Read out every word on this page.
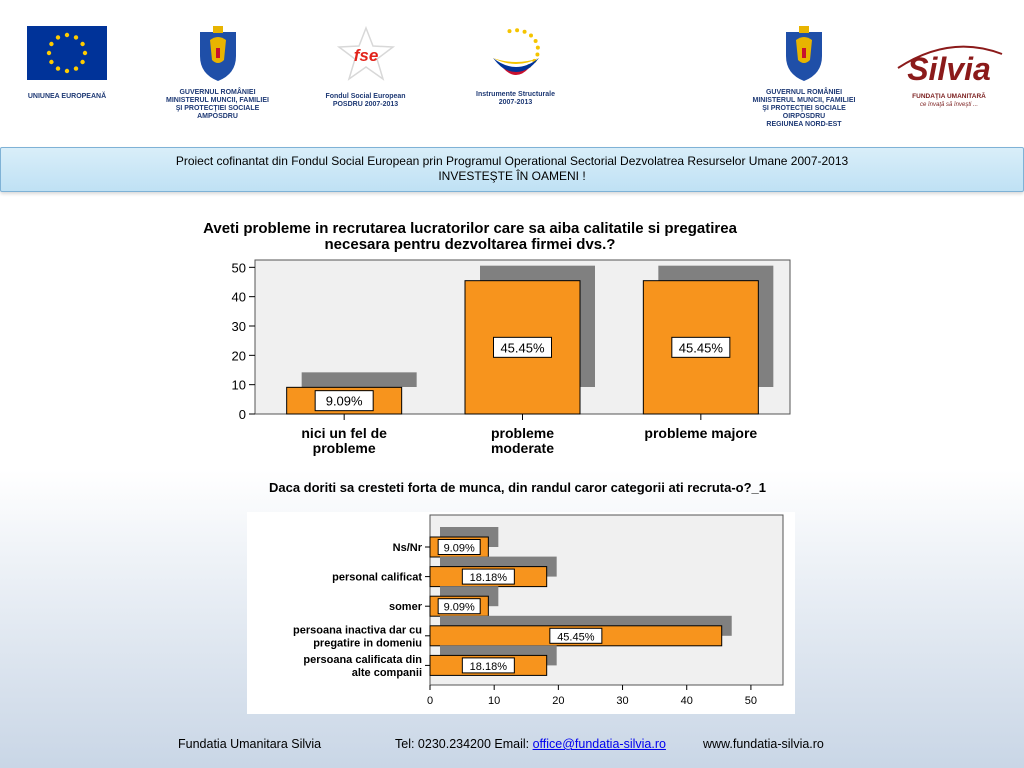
UNIUNEA EUROPEANĂ
GUVERNUL ROMÂNIEI
MINISTERUL MUNCII, FAMILIEI
ŞI PROTECŢIEI SOCIALE
AMPOSDRU
fse
Fondul Social European
POSDRU 2007-2013
Instrumente Structurale
2007-2013
GUVERNUL ROMÂNIEI
MINISTERUL MUNCII, FAMILIEI
ŞI PROTECŢIEI SOCIALE
OIRPOSDRU
REGIUNEA NORD-EST
Silvia
FUNDAŢIA UMANITARĂ
ce învaţă să înveşti ...
Proiect cofinantat din Fondul Social European prin Programul Operational Sectorial Dezvolatrea Resurselor Umane 2007-2013
INVESTEŞTE ÎN OAMENI !
Aveti probleme in recrutarea lucratorilor care sa aiba calitatile si pregatirea necesara pentru dezvoltarea firmei dvs.?
0
10
20
30
40
50
9.09%
nici un fel de
probleme
45.45%
probleme
moderate
45.45%
probleme majore
Daca doriti sa cresteti forta de munca, din randul caror categorii ati recruta-o?_1
0	10	20	30	40	50
9.09%
Ns/Nr
18.18%
personal calificat
9.09%
somer
45.45%
persoana inactiva dar cu
pregatire in domeniu
18.18%
persoana calificata din
alte companii
Fundatia Umanitara Silvia	Tel: 0230.234200 Email: office@fundatia-silvia.ro	www.fundatia-silvia.ro
